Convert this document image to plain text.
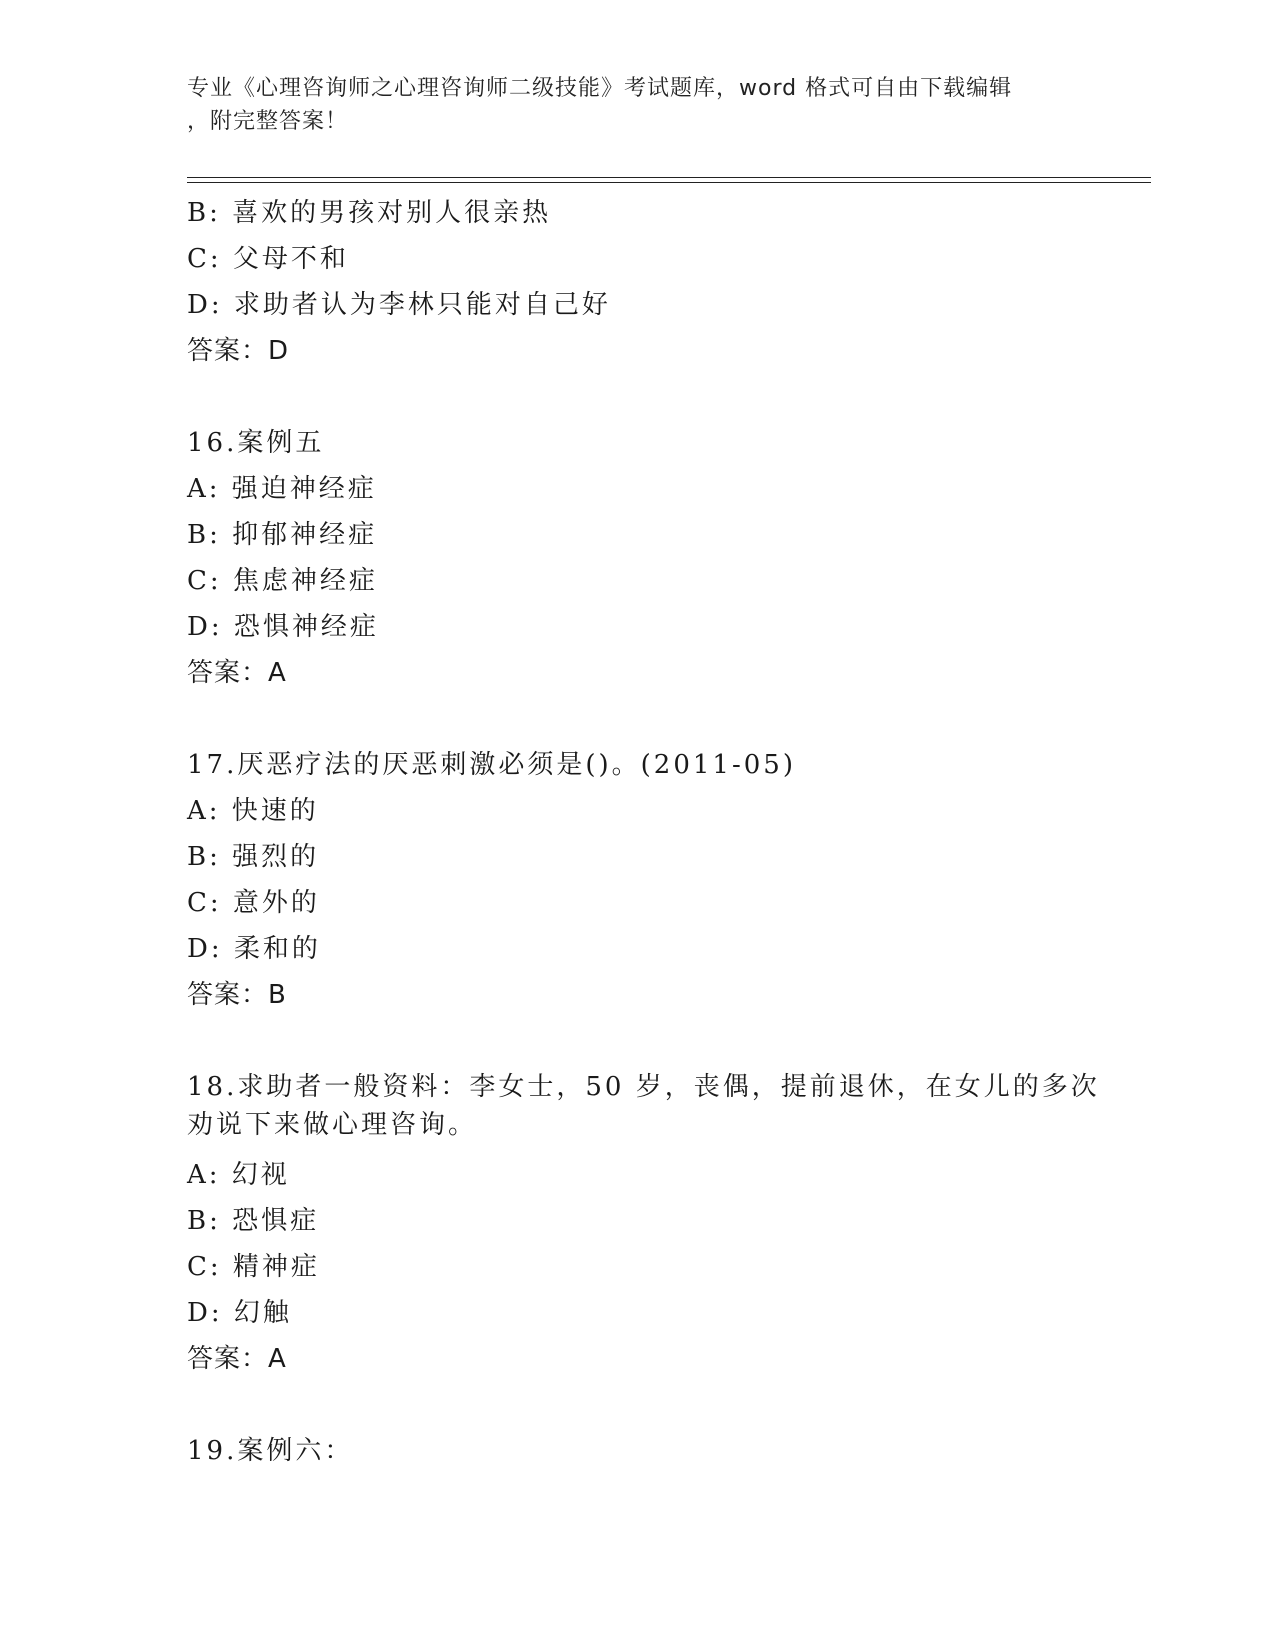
专业《心理咨询师之心理咨询师二级技能》考试题库，word 格式可自由下载编辑
，附完整答案！
B: 喜欢的男孩对别人很亲热
C: 父母不和
D: 求助者认为李林只能对自己好
答案：D
16.案例五
A: 强迫神经症
B: 抑郁神经症
C: 焦虑神经症
D: 恐惧神经症
答案：A
17.厌恶疗法的厌恶刺激必须是()。(2011-05)
A: 快速的
B: 强烈的
C: 意外的
D: 柔和的
答案：B
18.求助者一般资料：李女士，50 岁，丧偶，提前退休，在女儿的多次
劝说下来做心理咨询。
A: 幻视
B: 恐惧症
C: 精神症
D: 幻触
答案：A
19.案例六：
